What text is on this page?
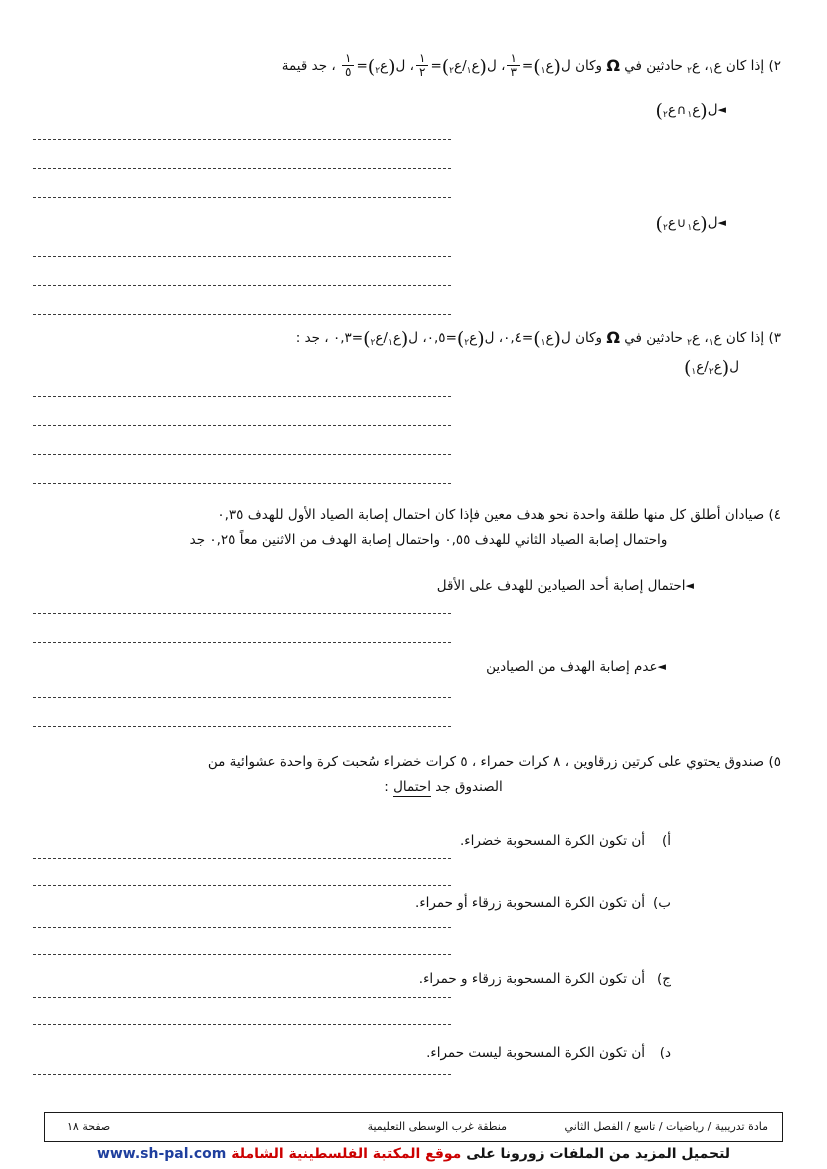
٢) إذا كان ع$_١$، ع$_٢$ حادثين في Ω وكان ل(ع$_١$)=
$\frac{١}{٣}$
، ل(ع$_١$/ع$_٢$)=
$\frac{١}{٢}$
، ل(ع$_٢$)=
$\frac{١}{٥}$
، جد قيمة
◄ل(ع$_١$∩ع$_٢$)
◄ل(ع$_١$∪ع$_٢$)
٣) إذا كان ع$_١$، ع$_٢$ حادثين في Ω وكان ل(ع$_١$)=٠,٤، ل(ع$_٢$)=٠,٥، ل(ع$_١$/ع$_٢$)=٠,٣ ، جد :
ل(ع$_٢$/ع$_١$)
٤) صيادان أطلق كل منها طلقة واحدة نحو هدف معين فإذا كان احتمال إصابة الصياد الأول للهدف ٠,٣٥
واحتمال إصابة الصياد الثاني للهدف ٠,٥٥ واحتمال إصابة الهدف من الاثنين معاً ٠,٢٥ جد
◄احتمال إصابة أحد الصيادين للهدف على الأقل
◄عدم إصابة الهدف من الصيادين
٥) صندوق يحتوي على كرتين زرقاوين ، ٨ كرات حمراء ، ٥ كرات خضراء سُحبت كرة واحدة عشوائية من
الصندوق جد احتمال :
أ)أن تكون الكرة المسحوبة خضراء.
ب)أن تكون الكرة المسحوبة زرقاء أو حمراء.
ج)أن تكون الكرة المسحوبة زرقاء و حمراء.
د)أن تكون الكرة المسحوبة ليست حمراء.
مادة تدريبية / رياضيات / تاسع / الفصل الثاني
منطقة غرب الوسطى التعليمية
صفحة ١٨
لتحميل المزيد من الملفات زورونا على موقع المكتبة الفلسطينية الشاملة www.sh-pal.com
